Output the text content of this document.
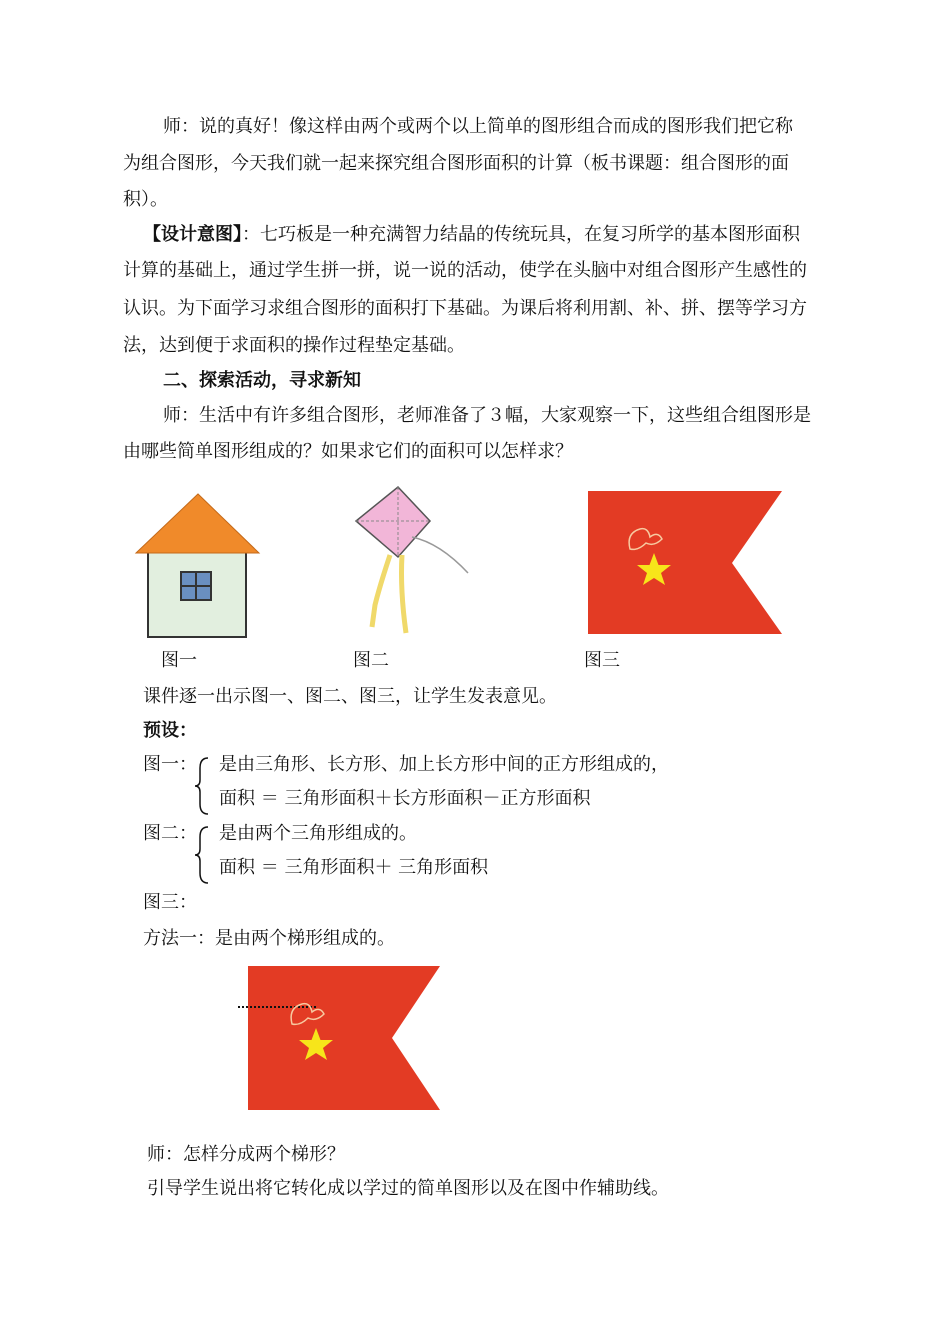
师：说的真好！像这样由两个或两个以上简单的图形组合而成的图形我们把它称
为组合图形，今天我们就一起来探究组合图形面积的计算（板书课题：组合图形的面
积）。
【设计意图】：七巧板是一种充满智力结晶的传统玩具，在复习所学的基本图形面积
计算的基础上，通过学生拼一拼，说一说的活动，使学在头脑中对组合图形产生感性的
认识。为下面学习求组合图形的面积打下基础。为课后将利用割、补、拼、摆等学习方
法，达到便于求面积的操作过程垫定基础。
二、探索活动，寻求新知
师：生活中有许多组合图形，老师准备了３幅，大家观察一下，这些组合组图形是
由哪些简单图形组成的？如果求它们的面积可以怎样求？
图一	图二	图三
课件逐一出示图一、图二、图三，让学生发表意见。
预设：
图一： 是由三角形、长方形、加上长方形中间的正方形组成的，
面积 ＝ 三角形面积＋长方形面积－正方形面积
图二： 是由两个三角形组成的。
面积 ＝ 三角形面积＋ 三角形面积
图三：
方法一：是由两个梯形组成的。
师：怎样分成两个梯形？
引导学生说出将它转化成以学过的简单图形以及在图中作辅助线。
